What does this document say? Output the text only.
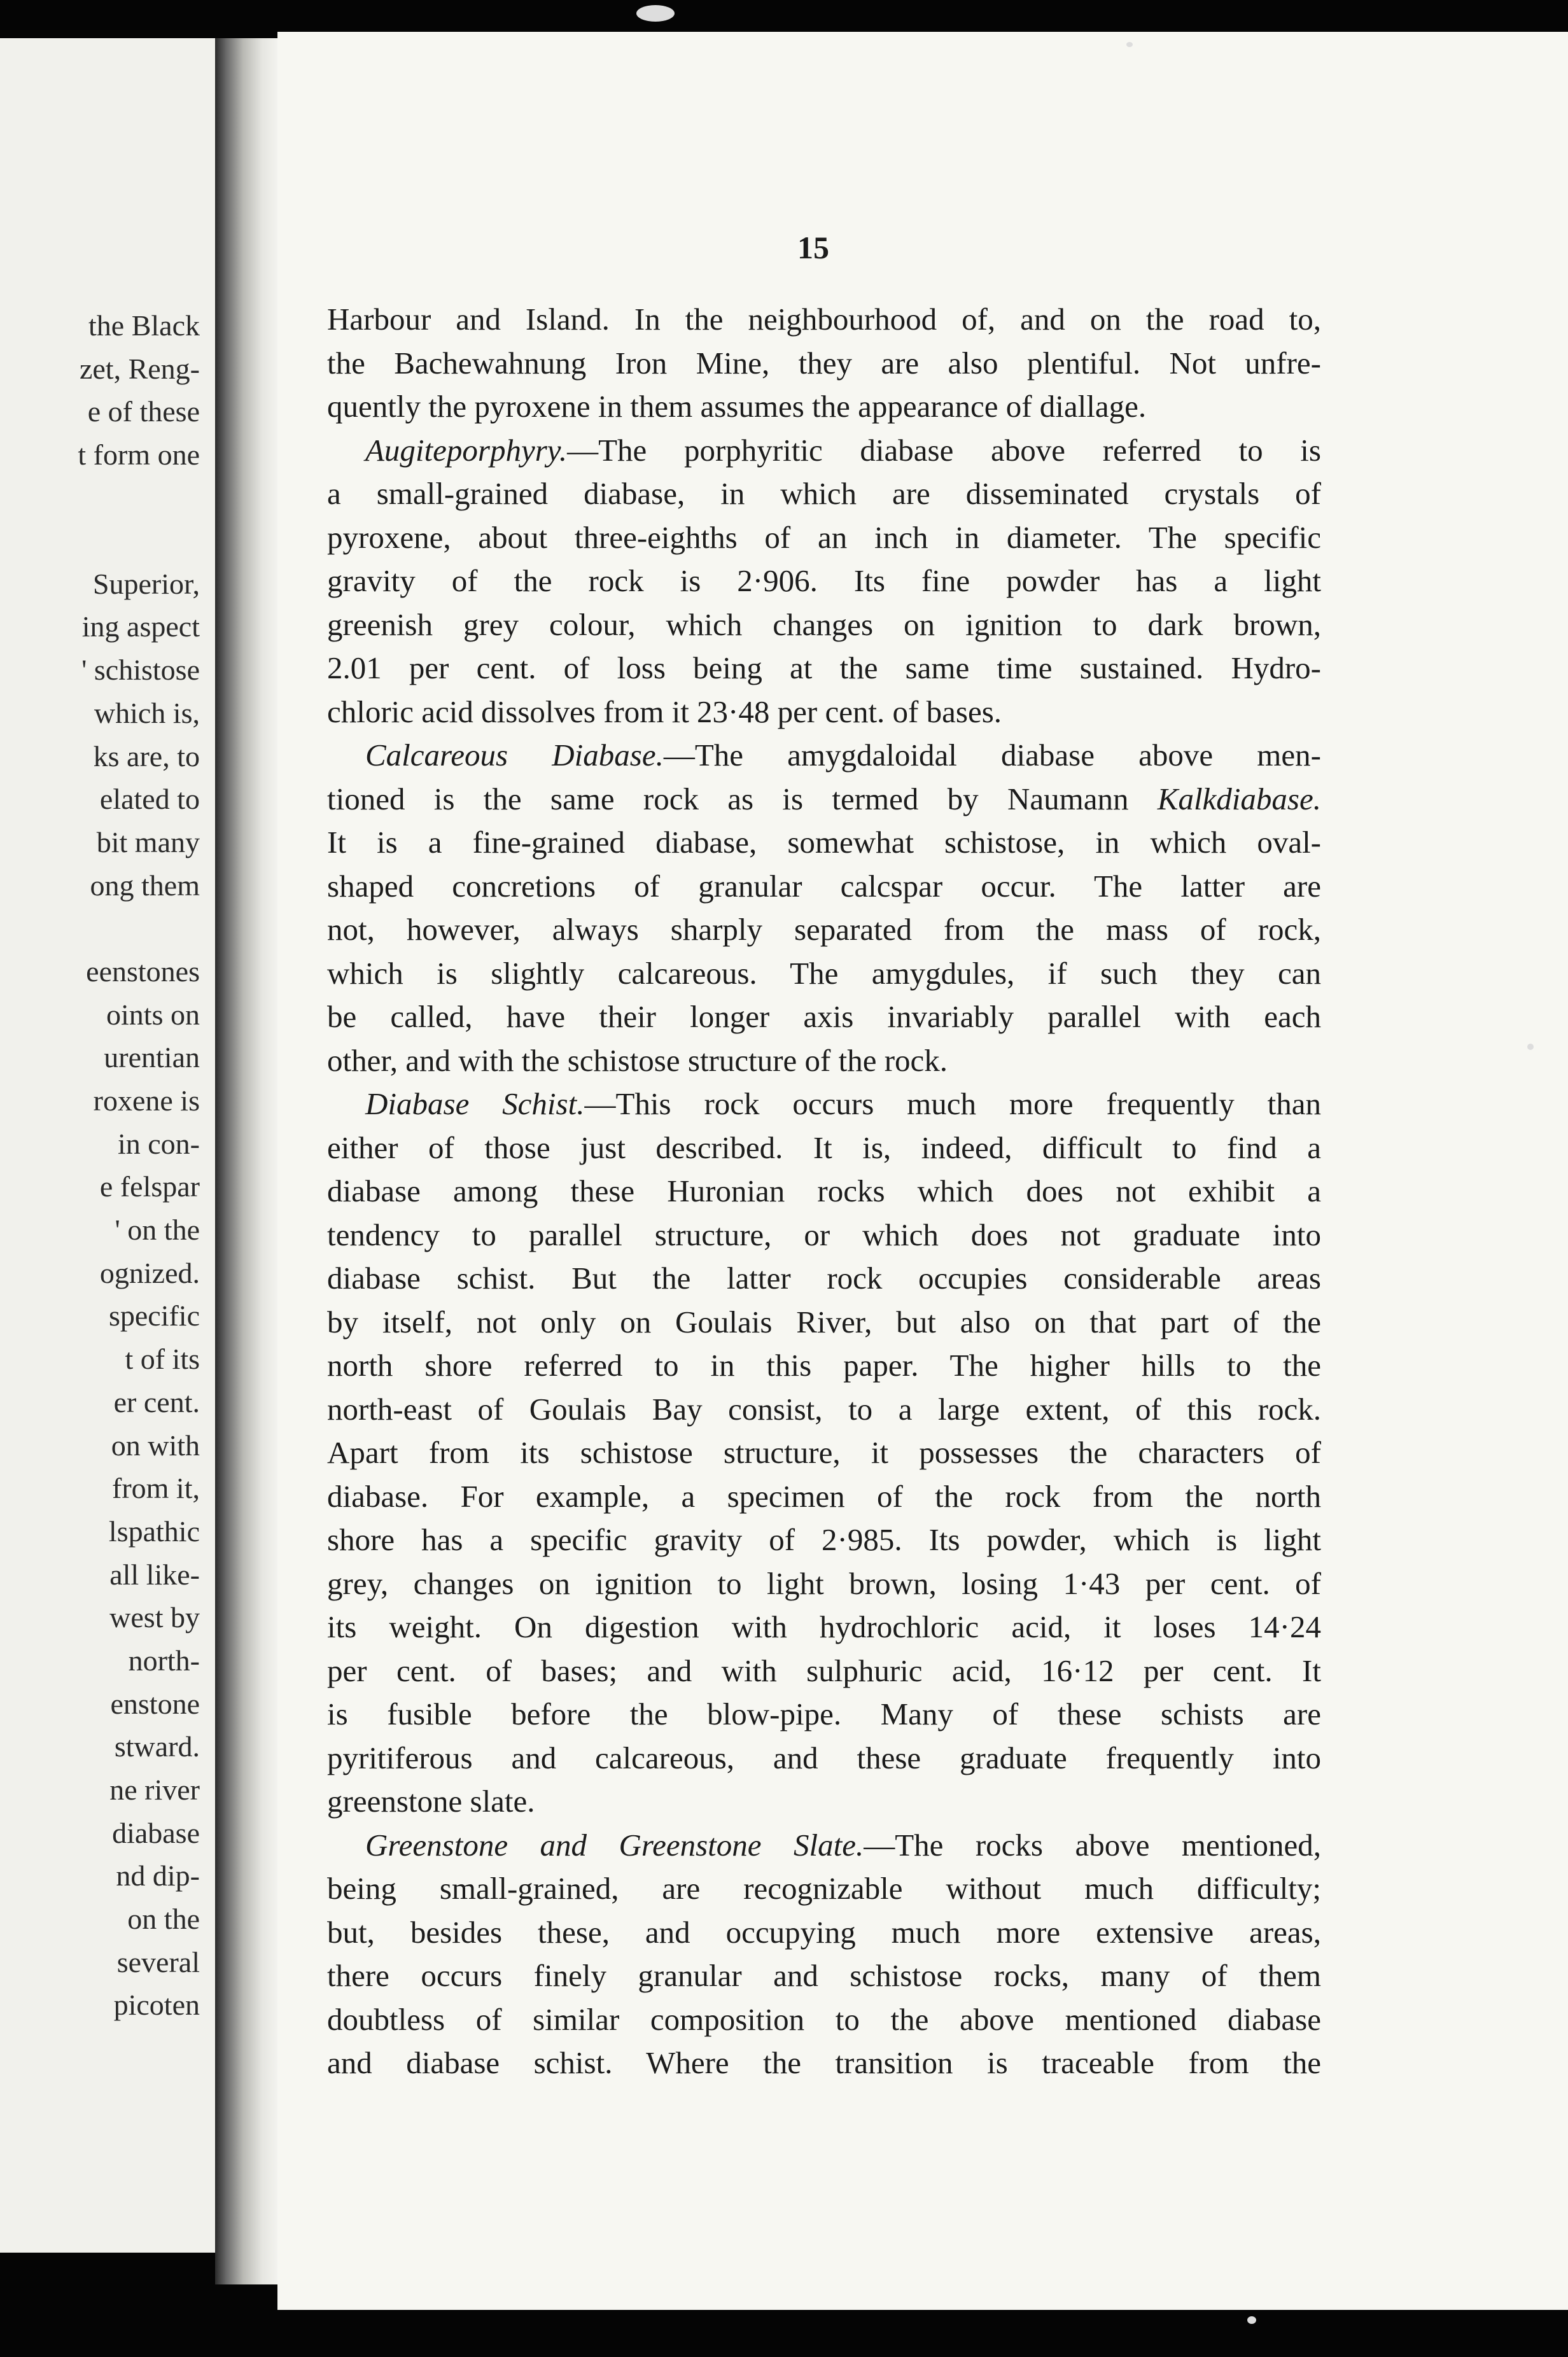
the Black
zet, Reng-
e of these
t form one
Superior,
ing aspect
' schistose
which is,
ks are, to
elated to
bit many
ong them
eenstones
oints on
urentian
roxene is
in con-
e felspar
' on the
ognized.
specific
t of its
er cent.
on with
from it,
lspathic
all like-
west by
north-
enstone
stward.
ne river
diabase
nd dip-
on the
several
picoten
15
Harbour and Island. In the neighbourhood of, and on the road to,
the Bachewahnung Iron Mine, they are also plentiful. Not unfre-
quently the pyroxene in them assumes the appearance of diallage.
Augiteporphyry.—The porphyritic diabase above referred to is
a small-grained diabase, in which are disseminated crystals of
pyroxene, about three-eighths of an inch in diameter. The specific
gravity of the rock is 2·906. Its fine powder has a light
greenish grey colour, which changes on ignition to dark brown,
2.01 per cent. of loss being at the same time sustained. Hydro-
chloric acid dissolves from it 23·48 per cent. of bases.
Calcareous Diabase.—The amygdaloidal diabase above men-
tioned is the same rock as is termed by Naumann Kalkdiabase.
It is a fine-grained diabase, somewhat schistose, in which oval-
shaped concretions of granular calcspar occur. The latter are
not, however, always sharply separated from the mass of rock,
which is slightly calcareous. The amygdules, if such they can
be called, have their longer axis invariably parallel with each
other, and with the schistose structure of the rock.
Diabase Schist.—This rock occurs much more frequently than
either of those just described. It is, indeed, difficult to find a
diabase among these Huronian rocks which does not exhibit a
tendency to parallel structure, or which does not graduate into
diabase schist. But the latter rock occupies considerable areas
by itself, not only on Goulais River, but also on that part of the
north shore referred to in this paper. The higher hills to the
north-east of Goulais Bay consist, to a large extent, of this rock.
Apart from its schistose structure, it possesses the characters of
diabase. For example, a specimen of the rock from the north
shore has a specific gravity of 2·985. Its powder, which is light
grey, changes on ignition to light brown, losing 1·43 per cent. of
its weight. On digestion with hydrochloric acid, it loses 14·24
per cent. of bases; and with sulphuric acid, 16·12 per cent. It
is fusible before the blow-pipe. Many of these schists are
pyritiferous and calcareous, and these graduate frequently into
greenstone slate.
Greenstone and Greenstone Slate.—The rocks above mentioned,
being small-grained, are recognizable without much difficulty;
but, besides these, and occupying much more extensive areas,
there occurs finely granular and schistose rocks, many of them
doubtless of similar composition to the above mentioned diabase
and diabase schist. Where the transition is traceable from the
